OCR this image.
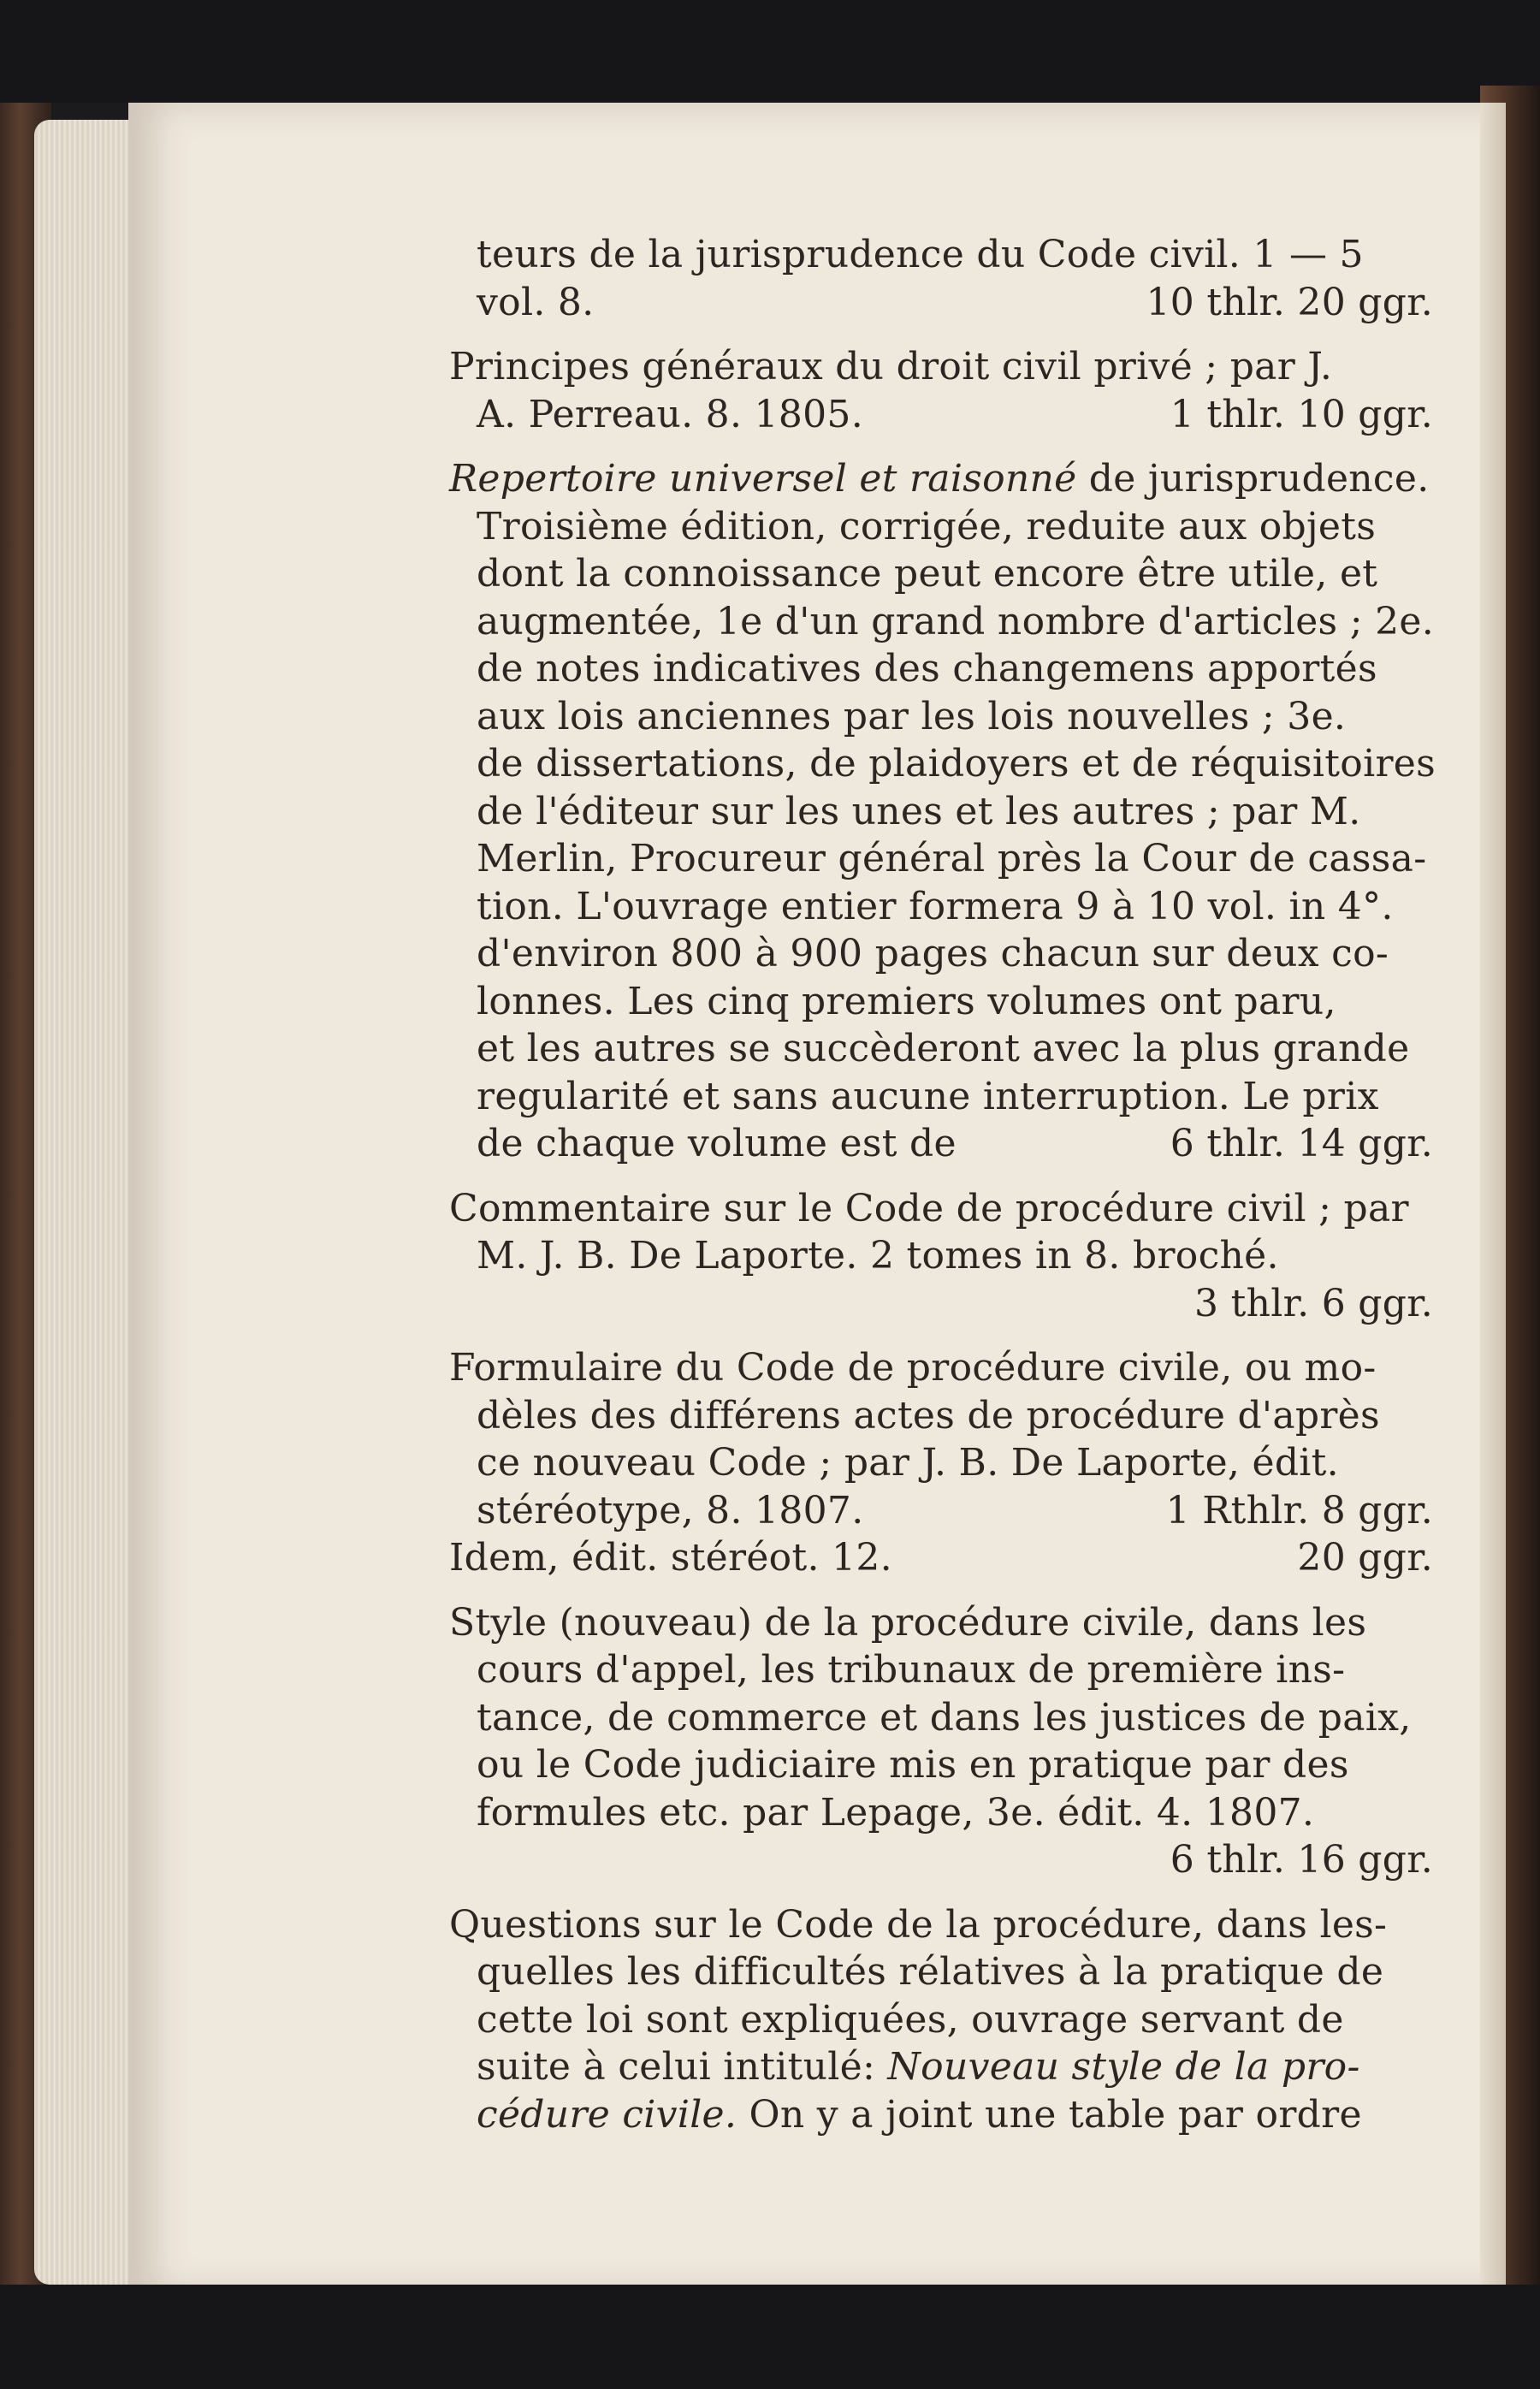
teurs de la jurisprudence du Code civil. 1 — 5
vol. 8.	10 thlr. 20 ggr.
Principes généraux du droit civil privé ; par J.
A. Perreau. 8. 1805.	1 thlr. 10 ggr.
Repertoire universel et raisonné de jurisprudence.
Troisième édition, corrigée, reduite aux objets
dont la connoissance peut encore être utile, et
augmentée, 1e d'un grand nombre d'articles ; 2e.
de notes indicatives des changemens apportés
aux lois anciennes par les lois nouvelles ; 3e.
de dissertations, de plaidoyers et de réquisitoires
de l'éditeur sur les unes et les autres ; par M.
Merlin, Procureur général près la Cour de cassa-
tion. L'ouvrage entier formera 9 à 10 vol. in 4°.
d'environ 800 à 900 pages chacun sur deux co-
lonnes. Les cinq premiers volumes ont paru,
et les autres se succèderont avec la plus grande
regularité et sans aucune interruption. Le prix
de chaque volume est de	6 thlr. 14 ggr.
Commentaire sur le Code de procédure civil ; par
M. J. B. De Laporte. 2 tomes in 8. broché.
3 thlr. 6 ggr.
Formulaire du Code de procédure civile, ou mo-
dèles des différens actes de procédure d'après
ce nouveau Code ; par J. B. De Laporte, édit.
stéréotype, 8. 1807.	1 Rthlr. 8 ggr.
Idem, édit. stéréot. 12.	20 ggr.
Style (nouveau) de la procédure civile, dans les
cours d'appel, les tribunaux de première ins-
tance, de commerce et dans les justices de paix,
ou le Code judiciaire mis en pratique par des
formules etc. par Lepage, 3e. édit. 4. 1807.
6 thlr. 16 ggr.
Questions sur le Code de la procédure, dans les-
quelles les difficultés rélatives à la pratique de
cette loi sont expliquées, ouvrage servant de
suite à celui intitulé: Nouveau style de la pro-
cédure civile. On y a joint une table par ordre
